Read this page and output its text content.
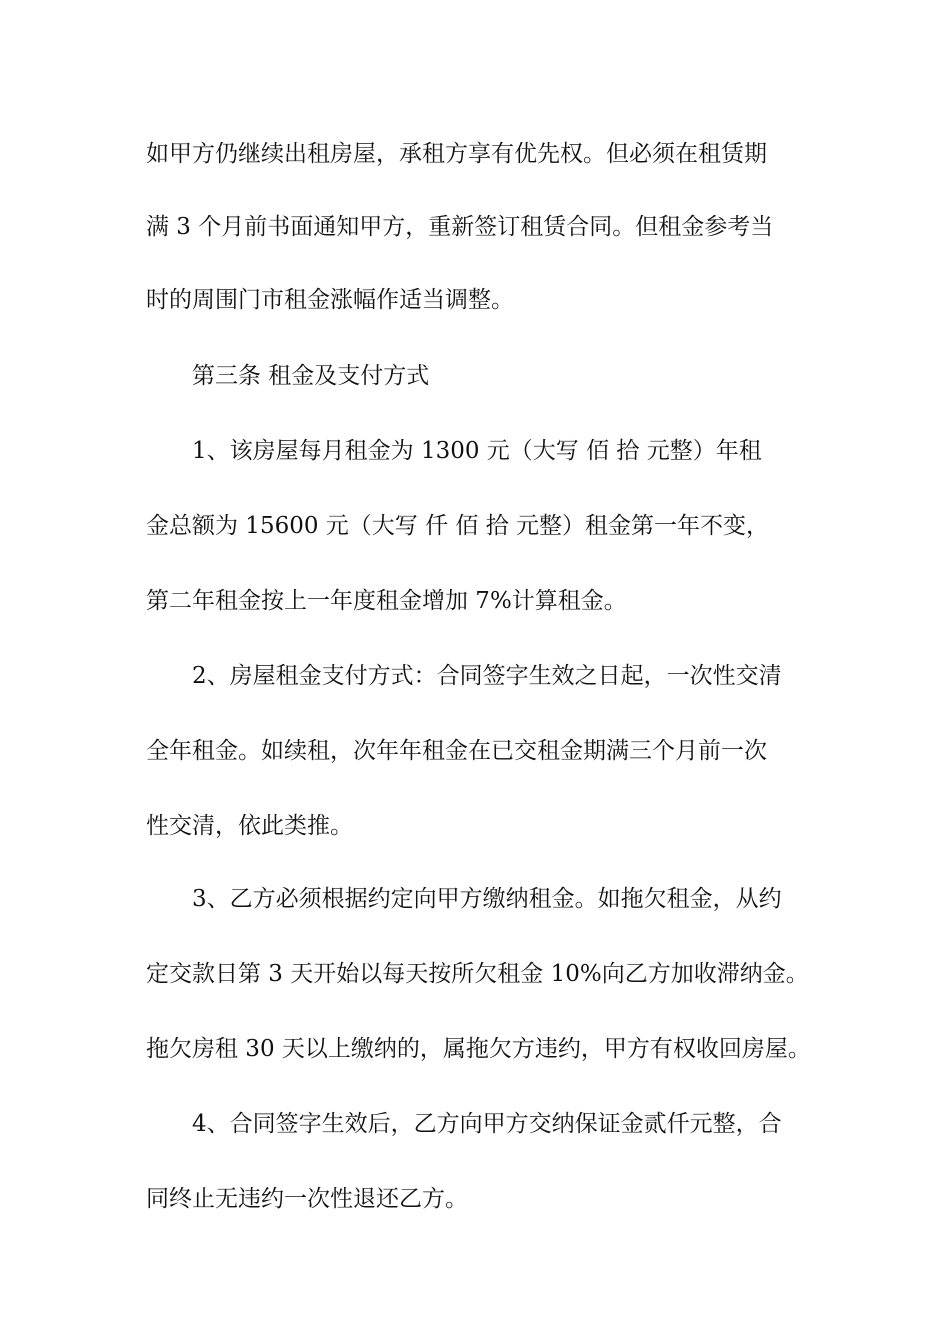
如甲方仍继续出租房屋，承租方享有优先权。但必须在租赁期
满 3 个月前书面通知甲方，重新签订租赁合同。但租金参考当
时的周围门市租金涨幅作适当调整。
第三条 租金及支付方式
1、该房屋每月租金为 1300 元（大写 佰 拾 元整）年租
金总额为 15600 元（大写 仟 佰 拾 元整）租金第一年不变，
第二年租金按上一年度租金增加 7%计算租金。
2、房屋租金支付方式：合同签字生效之日起，一次性交清
全年租金。如续租，次年年租金在已交租金期满三个月前一次
性交清，依此类推。
3、乙方必须根据约定向甲方缴纳租金。如拖欠租金，从约
定交款日第 3 天开始以每天按所欠租金 10%向乙方加收滞纳金。
拖欠房租 30 天以上缴纳的，属拖欠方违约，甲方有权收回房屋。
4、合同签字生效后，乙方向甲方交纳保证金贰仟元整，合
同终止无违约一次性退还乙方。
